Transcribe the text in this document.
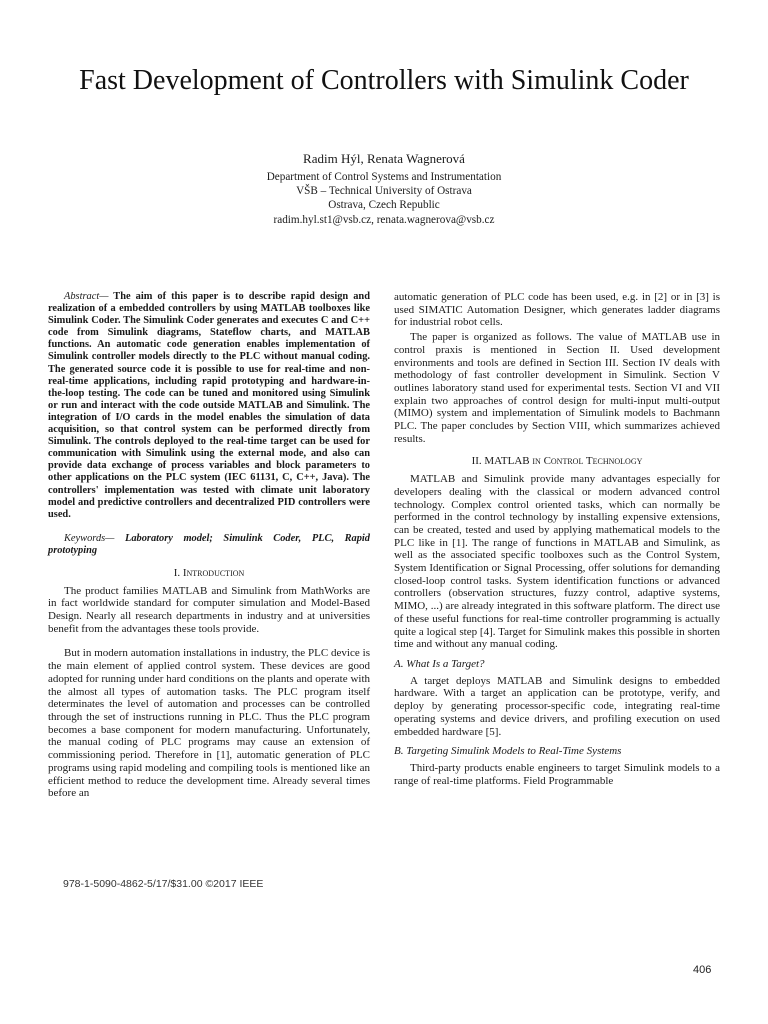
Fast Development of Controllers with Simulink Coder
Radim Hýl, Renata Wagnerová
Department of Control Systems and Instrumentation
VŠB – Technical University of Ostrava
Ostrava, Czech Republic
radim.hyl.st1@vsb.cz, renata.wagnerova@vsb.cz

Abstract— The aim of this paper is to describe rapid design and realization of a embedded controllers by using MATLAB toolboxes like Simulink Coder. The Simulink Coder generates and executes C and C++ code from Simulink diagrams, Stateflow charts, and MATLAB functions. An automatic code generation enables implementation of Simulink controller models directly to the PLC without manual coding. The generated source code it is possible to use for real-time and non-real-time applications, including rapid prototyping and hardware-in-the-loop testing. The code can be tuned and monitored using Simulink or run and interact with the code outside MATLAB and Simulink. The integration of I/O cards in the model enables the simulation of data acquisition, so that control system can be performed directly from Simulink. The controls deployed to the real-time target can be used for communication with Simulink using the external mode, and also can provide data exchange of process variables and block parameters to other applications on the PLC system (IEC 61131, C, C++, Java). The controllers' implementation was tested with climate unit laboratory model and predictive controllers and decentralized PID controllers were used.

Keywords— Laboratory model; Simulink Coder, PLC, Rapid prototyping

I. Introduction

The product families MATLAB and Simulink from MathWorks are in fact worldwide standard for computer simulation and Model-Based Design. Nearly all research departments in industry and at universities benefit from the advantages these tools provide.

But in modern automation installations in industry, the PLC device is the main element of applied control system. These devices are good adopted for running under hard conditions on the plants and operate with the almost all types of automation tasks. The PLC program itself determinates the level of automation and processes can be controlled through the set of instructions running in PLC. Thus the PLC program becomes a base component for modern manufacturing. Unfortunately, the manual coding of PLC programs may cause an extension of commissioning period. Therefore in [1], automatic generation of PLC programs using rapid modeling and compiling tools is mentioned like an efficient method to reduce the development time. Already several times before an

automatic generation of PLC code has been used, e.g. in [2] or in [3] is used SIMATIC Automation Designer, which generates ladder diagrams for industrial robot cells.

The paper is organized as follows. The value of MATLAB use in control praxis is mentioned in Section II. Used development environments and tools are defined in Section III. Section IV deals with methodology of fast controller development in Simulink. Section V outlines laboratory stand used for experimental tests. Section VI and VII explain two approaches of control design for multi-input multi-output (MIMO) system and implementation of Simulink models to Bachmann PLC. The paper concludes by Section VIII, which summarizes achieved results.

II. MATLAB in Control Technology

MATLAB and Simulink provide many advantages especially for developers dealing with the classical or modern advanced control technology. Complex control oriented tasks, which can normally be performed in the control technology by installing expensive extensions, can be created, tested and used by applying mathematical models to the PLC like in [1]. The range of functions in MATLAB and Simulink, as well as the associated specific toolboxes such as the Control System, System Identification or Signal Processing, offer solutions for demanding closed-loop control tasks. System identification functions or advanced controllers (observation structures, fuzzy control, adaptive systems, MIMO, ...) are already integrated in this software platform. The direct use of these useful functions for real-time controller programming is actually quite a logical step [4]. Target for Simulink makes this possible in shorten time and without any manual coding.

A. What Is a Target?

A target deploys MATLAB and Simulink designs to embedded hardware. With a target an application can be prototype, verify, and deploy by generating processor-specific code, integrating real-time operating systems and device drivers, and profiling execution on used embedded hardware [5].

B. Targeting Simulink Models to Real-Time Systems

Third-party products enable engineers to target Simulink models to a range of real-time platforms. Field Programmable

978-1-5090-4862-5/17/$31.00 ©2017 IEEE
406
